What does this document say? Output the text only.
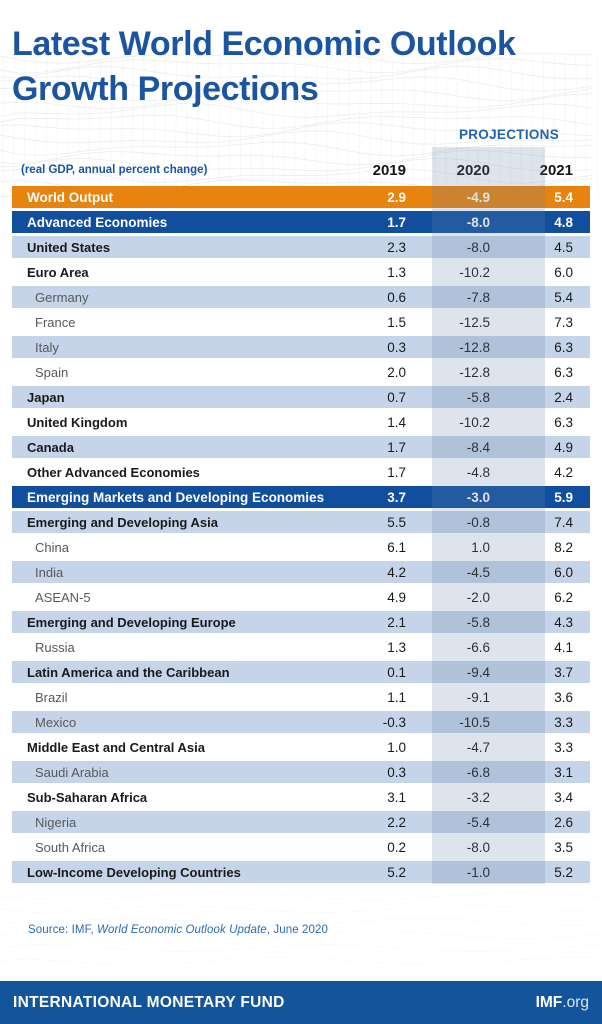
Latest World Economic Outlook
Growth Projections
PROJECTIONS
(real GDP, annual percent change)	2019	2020	2021	
World Output	2.9	-4.9	5.4	
Advanced Economies	1.7	-8.0	4.8	
United States	2.3	-8.0	4.5	
Euro Area	1.3	-10.2	6.0	
Germany	0.6	-7.8	5.4	
France	1.5	-12.5	7.3	
Italy	0.3	-12.8	6.3	
Spain	2.0	-12.8	6.3	
Japan	0.7	-5.8	2.4	
United Kingdom	1.4	-10.2	6.3	
Canada	1.7	-8.4	4.9	
Other Advanced Economies	1.7	-4.8	4.2	
Emerging Markets and Developing Economies	3.7	-3.0	5.9	
Emerging and Developing Asia	5.5	-0.8	7.4	
China	6.1	1.0	8.2	
India	4.2	-4.5	6.0	
ASEAN-5	4.9	-2.0	6.2	
Emerging and Developing Europe	2.1	-5.8	4.3	
Russia	1.3	-6.6	4.1	
Latin America and the Caribbean	0.1	-9.4	3.7	
Brazil	1.1	-9.1	3.6	
Mexico	-0.3	-10.5	3.3	
Middle East and Central Asia	1.0	-4.7	3.3	
Saudi Arabia	0.3	-6.8	3.1	
Sub-Saharan Africa	3.1	-3.2	3.4	
Nigeria	2.2	-5.4	2.6	
South Africa	0.2	-8.0	3.5	
Low-Income Developing Countries	5.2	-1.0	5.2	
Source: IMF, World Economic Outlook Update, June 2020
INTERNATIONAL MONETARY FUND	IMF.org
